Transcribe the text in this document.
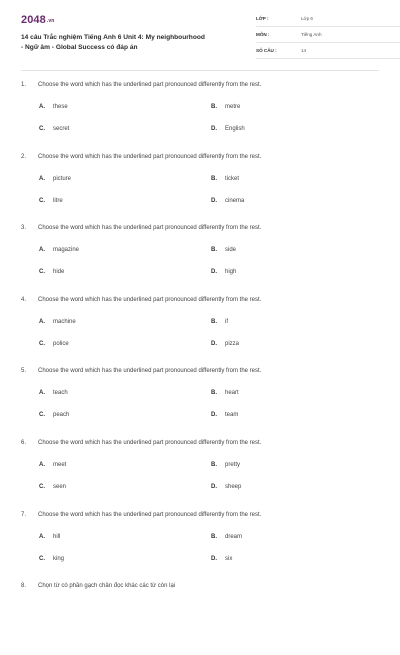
2048.vn
14 câu Trắc nghiệm Tiếng Anh 6 Unit 4: My neighbourhood
- Ngữ âm - Global Success có đáp án
LỚP :	Lớp 6
MÔN :	Tiếng Anh
SỐ CÂU :	14
1. Choose the word which has the underlined part pronounced differently from the rest.
A. these	B. metre
C. secret	D. English
2. Choose the word which has the underlined part pronounced differently from the rest.
A. picture	B. ticket
C. litre	D. cinema
3. Choose the word which has the underlined part pronounced differently from the rest.
A. magazine	B. side
C. hide	D. high
4. Choose the word which has the underlined part pronounced differently from the rest.
A. machine	B. if
C. police	D. pizza
5. Choose the word which has the underlined part pronounced differently from the rest.
A. teach	B. heart
C. peach	D. team
6. Choose the word which has the underlined part pronounced differently from the rest.
A. meet	B. pretty
C. seen	D. sheep
7. Choose the word which has the underlined part pronounced differently from the rest.
A. hill	B. dream
C. king	D. six
8. Chọn từ có phần gạch chân đọc khác các từ còn lại
